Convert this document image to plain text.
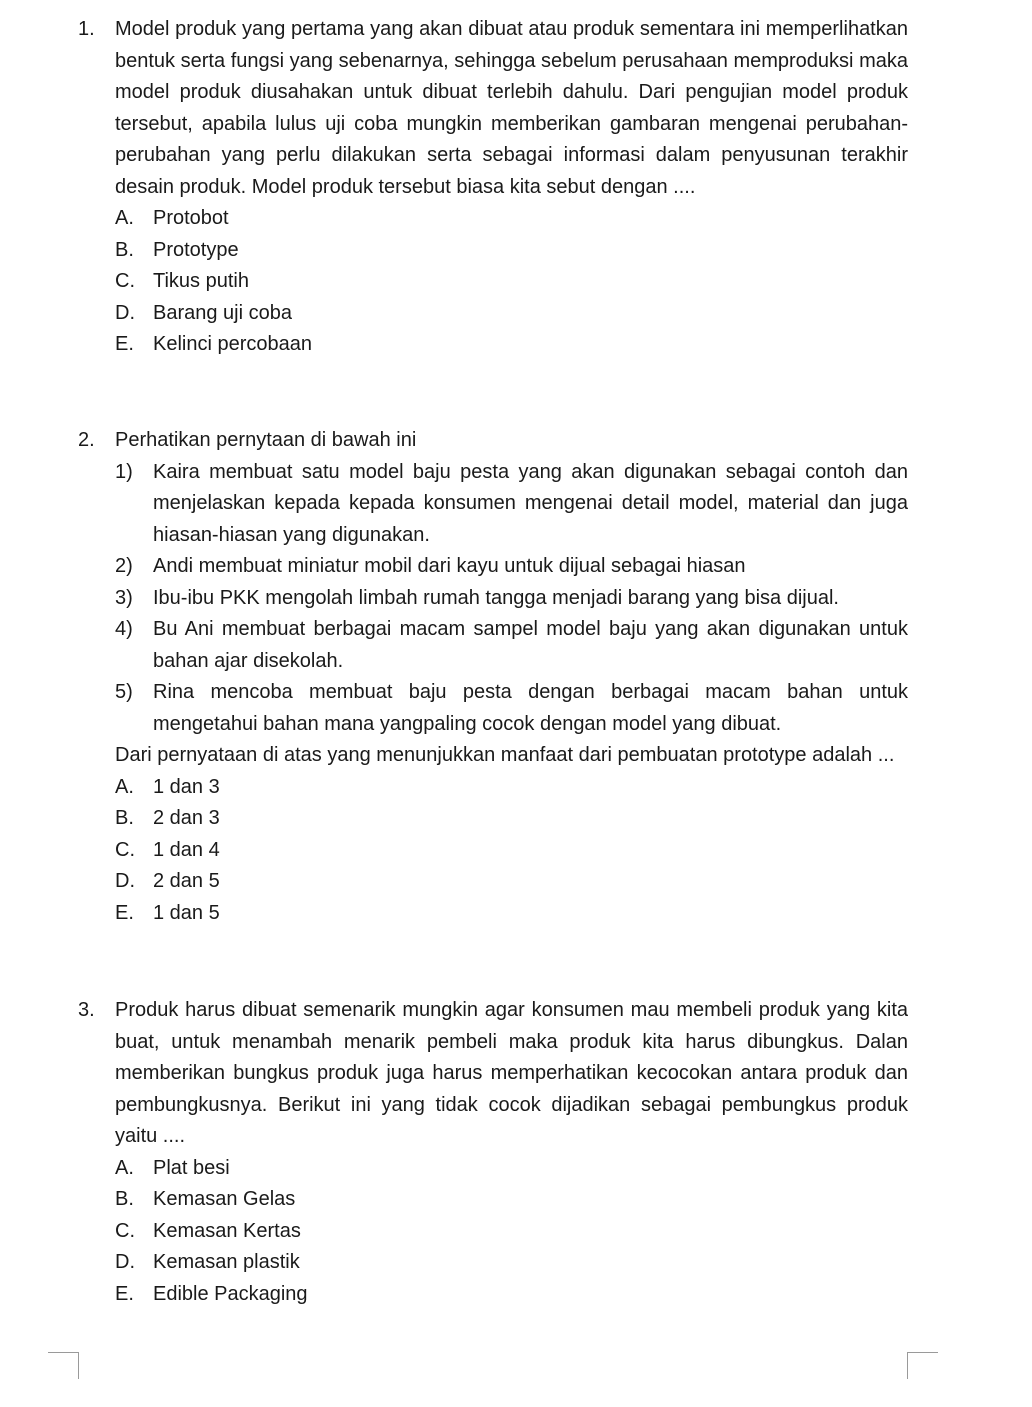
1.	Model produk yang pertama yang akan dibuat atau produk sementara ini memperlihatkan bentuk serta fungsi yang sebenarnya, sehingga sebelum perusahaan memproduksi maka model produk diusahakan untuk dibuat terlebih dahulu. Dari pengujian model produk tersebut, apabila lulus uji coba mungkin memberikan gambaran mengenai perubahan-perubahan yang perlu dilakukan serta sebagai informasi dalam penyusunan terakhir desain produk. Model produk tersebut biasa kita sebut dengan ....

A. Protobot
B. Prototype
C. Tikus putih
D. Barang uji coba
E. Kelinci percobaan
2.	Perhatikan pernytaan di bawah ini

1)	Kaira membuat satu model baju pesta yang akan digunakan sebagai contoh dan menjelaskan kepada kepada konsumen mengenai detail model, material dan juga hiasan-hiasan yang digunakan.
2)	Andi membuat miniatur mobil dari kayu untuk dijual sebagai hiasan
3)	Ibu-ibu PKK mengolah limbah rumah tangga menjadi barang yang bisa dijual.
4)	Bu Ani membuat berbagai macam sampel model baju yang akan digunakan untuk bahan ajar disekolah.
5)	Rina mencoba membuat baju pesta dengan berbagai macam bahan untuk mengetahui bahan mana yangpaling cocok dengan model yang dibuat.

Dari pernyataan di atas yang menunjukkan manfaat dari pembuatan prototype adalah ...

A. 1 dan 3
B. 2 dan 3
C. 1 dan 4
D. 2 dan 5
E. 1 dan 5
3.	Produk harus dibuat semenarik mungkin agar konsumen mau membeli produk yang kita buat, untuk menambah menarik pembeli maka produk kita harus dibungkus. Dalan memberikan bungkus produk juga harus memperhatikan kecocokan antara produk dan pembungkusnya. Berikut ini yang tidak cocok dijadikan sebagai pembungkus produk yaitu ....

A. Plat besi
B. Kemasan Gelas
C. Kemasan Kertas
D. Kemasan plastik
E. Edible Packaging
